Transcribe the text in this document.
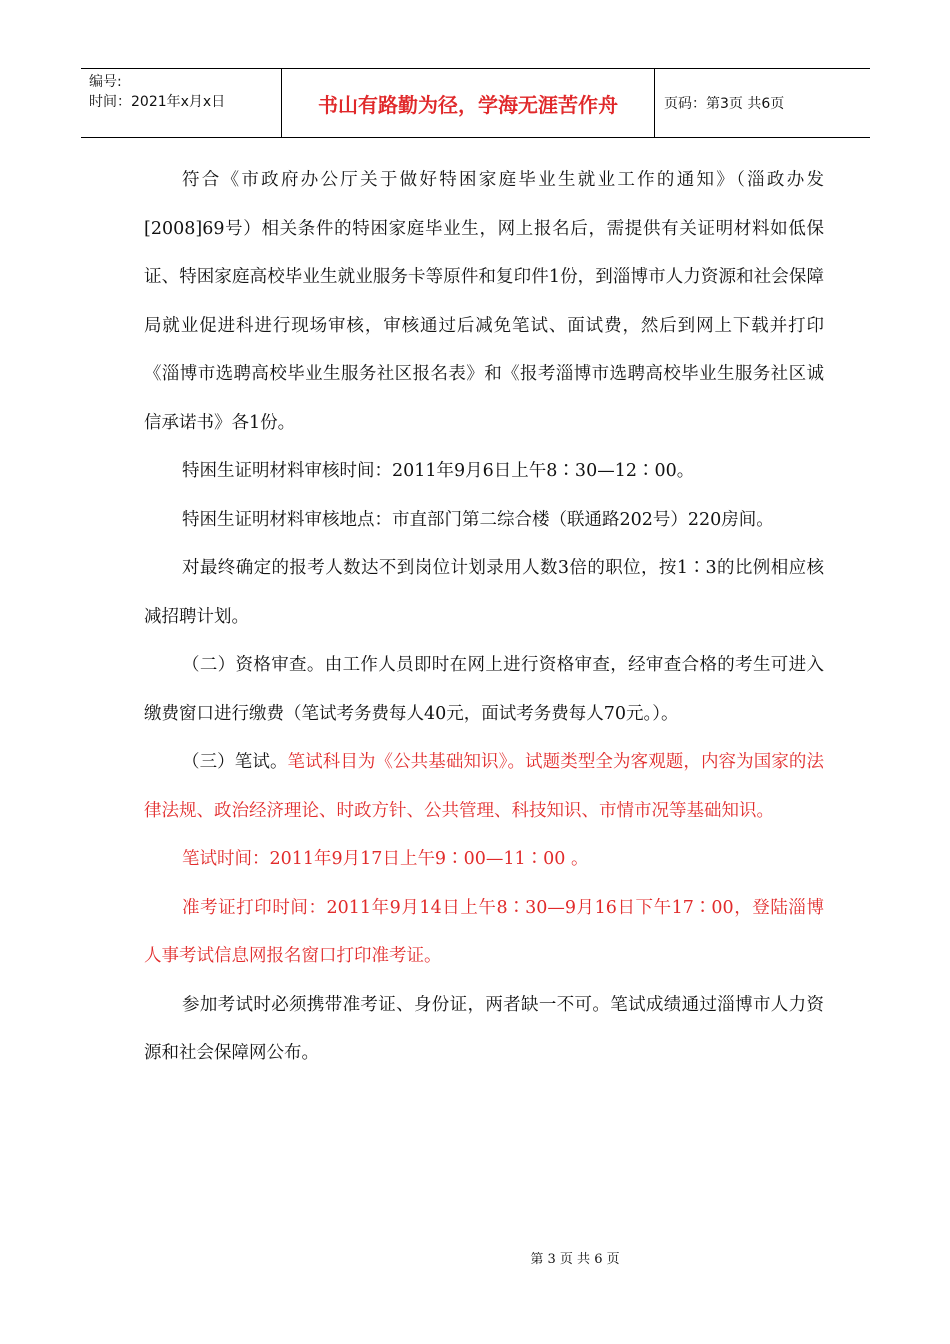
编号:
时间：2021年x月x日	书山有路勤为径，学海无涯苦作舟	页码：第3页 共6页

符合《市政府办公厅关于做好特困家庭毕业生就业工作的通知》（淄政办发[2008]69号）相关条件的特困家庭毕业生，网上报名后，需提供有关证明材料如低保证、特困家庭高校毕业生就业服务卡等原件和复印件1份，到淄博市人力资源和社会保障局就业促进科进行现场审核，审核通过后减免笔试、面试费，然后到网上下载并打印《淄博市选聘高校毕业生服务社区报名表》和《报考淄博市选聘高校毕业生服务社区诚信承诺书》各1份。

特困生证明材料审核时间：2011年9月6日上午8∶30—12∶00。

特困生证明材料审核地点：市直部门第二综合楼（联通路202号）220房间。

对最终确定的报考人数达不到岗位计划录用人数3倍的职位，按1∶3的比例相应核减招聘计划。

（二）资格审查。由工作人员即时在网上进行资格审查，经审查合格的考生可进入缴费窗口进行缴费（笔试考务费每人40元，面试考务费每人70元。）。

（三）笔试。笔试科目为《公共基础知识》。试题类型全为客观题，内容为国家的法律法规、政治经济理论、时政方针、公共管理、科技知识、市情市况等基础知识。

笔试时间：2011年9月17日上午9∶00—11∶00 。

准考证打印时间：2011年9月14日上午8∶30—9月16日下午17∶00，登陆淄博人事考试信息网报名窗口打印准考证。

参加考试时必须携带准考证、身份证，两者缺一不可。笔试成绩通过淄博市人力资源和社会保障网公布。

第 3 页 共 6 页
